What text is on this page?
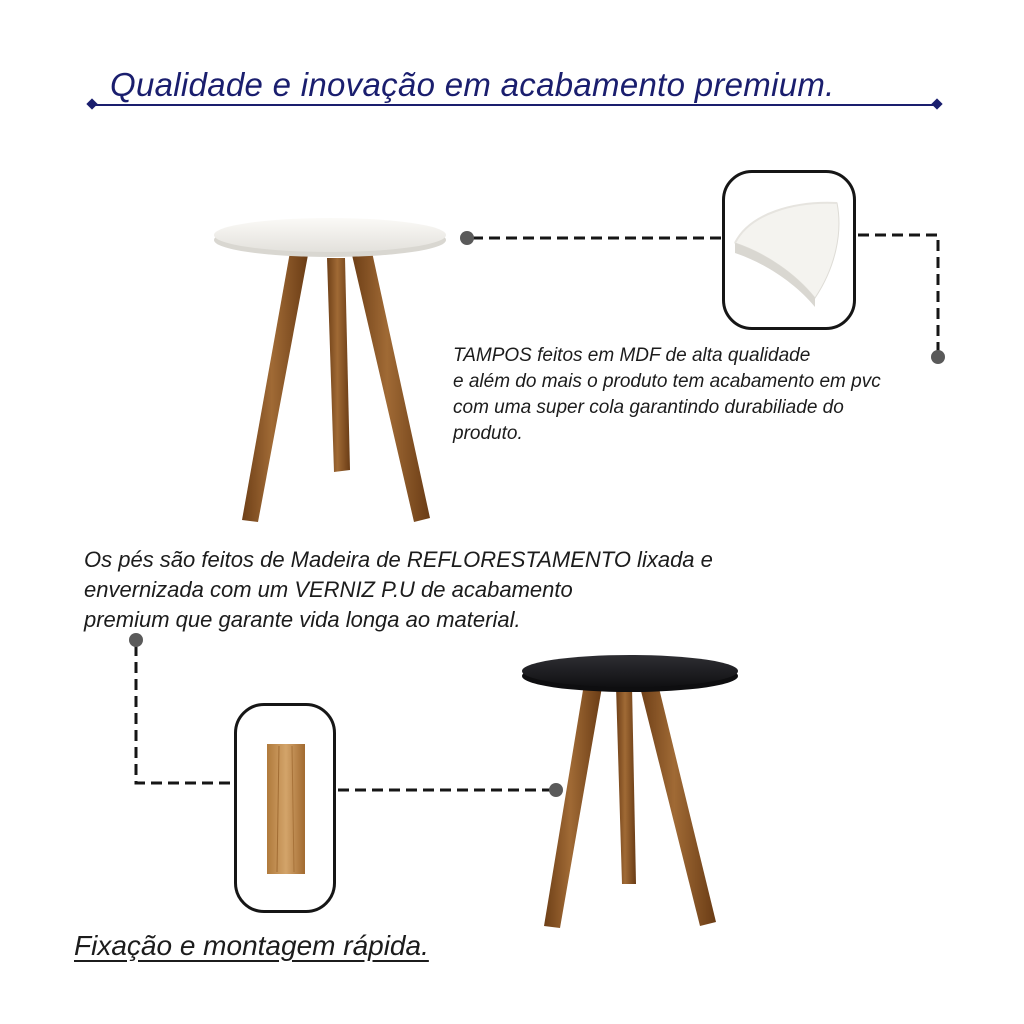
Qualidade e inovação em acabamento premium.
TAMPOS feitos em MDF de alta qualidade
e além do mais o produto tem acabamento em pvc
com uma super cola garantindo durabiliade do
produto.
Os pés são feitos de Madeira de REFLORESTAMENTO lixada e
envernizada com um VERNIZ P.U de acabamento
premium que garante vida longa ao material.
Fixação e montagem rápida.
